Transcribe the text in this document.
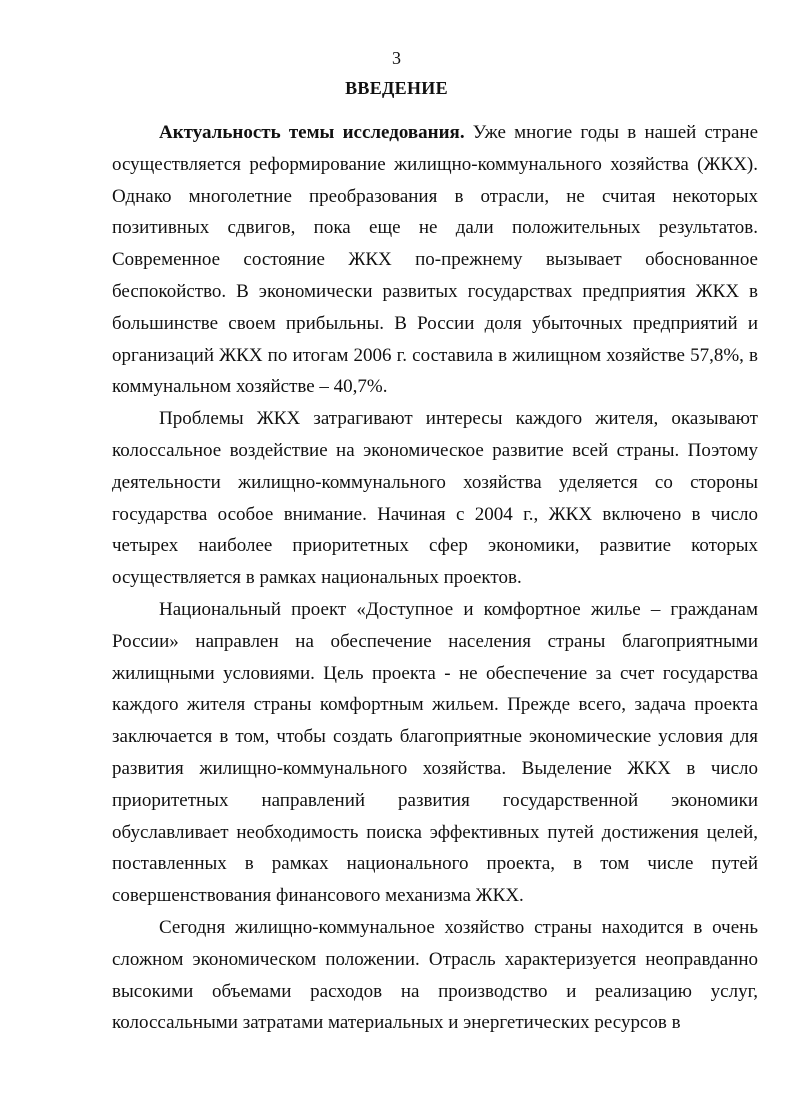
3
ВВЕДЕНИЕ

Актуальность темы исследования. Уже многие годы в нашей стране осуществляется реформирование жилищно-коммунального хозяйства (ЖКХ). Однако многолетние преобразования в отрасли, не считая некоторых позитивных сдвигов, пока еще не дали положительных результатов. Современное состояние ЖКХ по-прежнему вызывает обоснованное беспокойство. В экономически развитых государствах предприятия ЖКХ в большинстве своем прибыльны. В России доля убыточных предприятий и организаций ЖКХ по итогам 2006 г. составила в жилищном хозяйстве 57,8%, в коммунальном хозяйстве – 40,7%.

Проблемы ЖКХ затрагивают интересы каждого жителя, оказывают колоссальное воздействие на экономическое развитие всей страны. Поэтому деятельности жилищно-коммунального хозяйства уделяется со стороны государства особое внимание. Начиная с 2004 г., ЖКХ включено в число четырех наиболее приоритетных сфер экономики, развитие которых осуществляется в рамках национальных проектов.

Национальный проект «Доступное и комфортное жилье – гражданам России» направлен на обеспечение населения страны благоприятными жилищными условиями. Цель проекта - не обеспечение за счет государства каждого жителя страны комфортным жильем. Прежде всего, задача проекта заключается в том, чтобы создать благоприятные экономические условия для развития жилищно-коммунального хозяйства. Выделение ЖКХ в число приоритетных направлений развития государственной экономики обуславливает необходимость поиска эффективных путей достижения целей, поставленных в рамках национального проекта, в том числе путей совершенствования финансового механизма ЖКХ.

Сегодня жилищно-коммунальное хозяйство страны находится в очень сложном экономическом положении. Отрасль характеризуется неоправданно высокими объемами расходов на производство и реализацию услуг, колоссальными затратами материальных и энергетических ресурсов в
